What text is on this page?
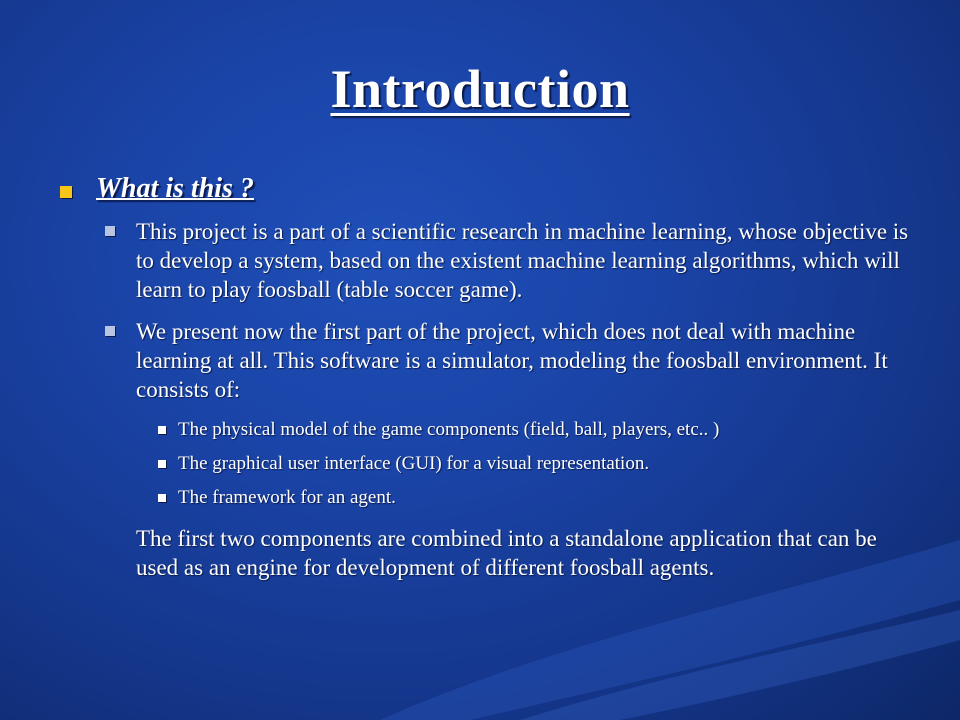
Introduction
What is this ?
This project is a part of a scientific research in machine learning, whose objective is to develop a system, based on the existent machine learning algorithms, which will learn to play foosball (table soccer game).
We present now the first part of the project, which does not deal with machine learning at all. This software is a simulator, modeling the foosball environment. It consists of:
The physical model of the game components (field, ball, players, etc.. )
The graphical user interface (GUI) for a visual representation.
The framework for an agent.
The first two components are combined into a standalone application that can be used as an engine for development of different foosball agents.
